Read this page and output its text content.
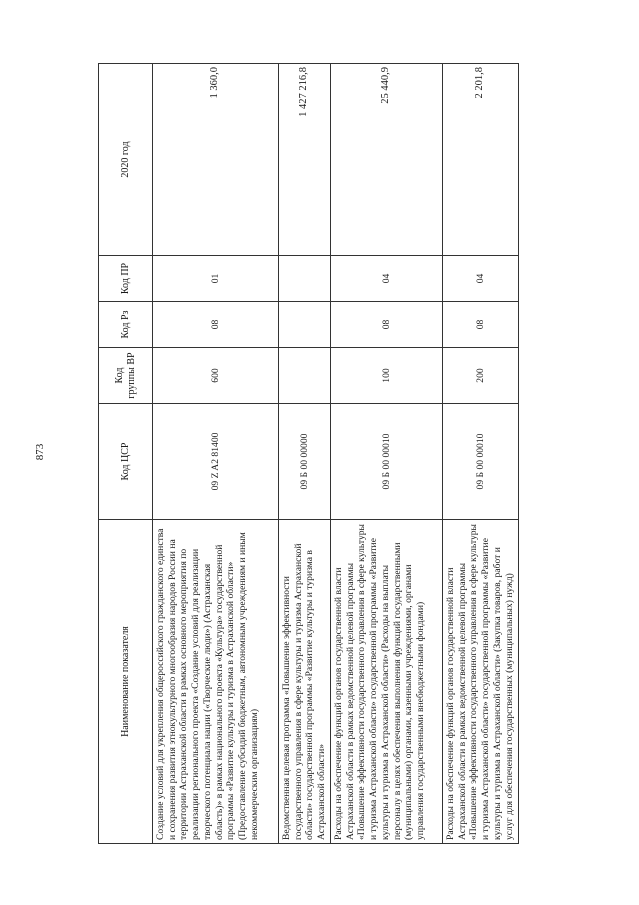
873
Наименование показателя	Код ЦСР	Код группы ВР	Код Рз	Код ПР	2020 год
Создание условий для укрепления общероссийского гражданского единства и сохранения развития этнокультурного многообразия народов России на территории Астраханской области в рамках основного мероприятия по реализации регионального проекта «Создание условий для реализации творческого потенциала нации («Творческие люди») (Астраханская область)» в рамках национального проекта «Культура» государственной программы «Развитие культуры и туризма в Астраханской области» (Предоставление субсидий бюджетным, автономным учреждениям и иным некоммерческим организациям)	09 Z A2 81400	600	08	01	1 360,0
Ведомственная целевая программа «Повышение эффективности государственного управления в сфере культуры и туризма Астраханской области» государственной программы «Развитие культуры и туризма в Астраханской области»	09 Б 00 00000				1 427 216,8
Расходы на обеспечение функций органов государственной власти Астраханской области в рамках ведомственной целевой программы «Повышение эффективности государственного управления в сфере культуры и туризма Астраханской области» государственной программы «Развитие культуры и туризма в Астраханской области» (Расходы на выплаты персоналу в целях обеспечения выполнения функций государственными (муниципальными) органами, казенными учреждениями, органами управления государственными внебюджетными фондами)	09 Б 00 00010	100	08	04	25 440,9
Расходы на обеспечение функций органов государственной власти Астраханской области в рамках ведомственной целевой программы «Повышение эффективности государственного управления в сфере культуры и туризма Астраханской области» государственной программы «Развитие культуры и туризма в Астраханской области» (Закупка товаров, работ и услуг для обеспечения государственных (муниципальных) нужд)	09 Б 00 00010	200	08	04	2 201,8
